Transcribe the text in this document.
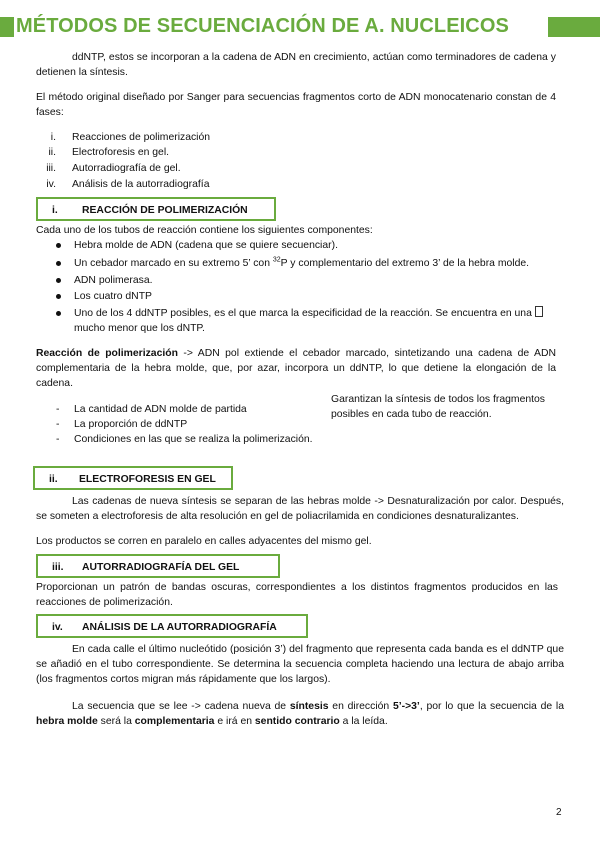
MÉTODOS DE SECUENCIACIÓN DE A. NUCLEICOS

ddNTP, estos se incorporan a la cadena de ADN en crecimiento, actúan como terminadores de cadena y detienen la síntesis.

El método original diseñado por Sanger para secuencias fragmentos corto de ADN monocatenario constan de 4 fases:

i. Reacciones de polimerización
ii. Electroforesis en gel.
iii. Autorradiografía de gel.
iv. Análisis de la autorradiografía
i. REACCIÓN DE POLIMERIZACIÓN

Cada uno de los tubos de reacción contiene los siguientes componentes:

Hebra molde de ADN (cadena que se quiere secuenciar).
Un cebador marcado en su extremo 5’ con $^{32}$P y complementario del extremo 3’ de la hebra molde.
ADN polimerasa.
Los cuatro dNTP
Uno de los 4 ddNTP posibles, es el que marca la especificidad de la reacción. Se encuentra en una
mucho menor que los dNTP.

Reacción de polimerización -> ADN pol extiende el cebador marcado, sintetizando una cadena de ADN complementaria de la hebra molde, que, por azar, incorpora un ddNTP, lo que detiene la elongación de la cadena.

- La cantidad de ADN molde de partida
- La proporción de ddNTP
- Condiciones en las que se realiza la polimerización.

Garantizan la síntesis de todos los fragmentos posibles en cada tubo de reacción.

ii. ELECTROFORESIS EN GEL

Las cadenas de nueva síntesis se separan de las hebras molde -> Desnaturalización por calor. Después, se someten a electroforesis de alta resolución en gel de poliacrilamida en condiciones desnaturalizantes.

Los productos se corren en paralelo en calles adyacentes del mismo gel.

iii. AUTORRADIOGRAFÍA DEL GEL

Proporcionan un patrón de bandas oscuras, correspondientes a los distintos fragmentos producidos en las reacciones de polimerización.

iv. ANÁLISIS DE LA AUTORRADIOGRAFÍA

En cada calle el último nucleótido (posición 3’) del fragmento que representa cada banda es el ddNTP que se añadió en el tubo correspondiente. Se determina la secuencia completa haciendo una lectura de abajo arriba (los fragmentos cortos migran más rápidamente que los largos).

La secuencia que se lee -> cadena nueva de síntesis en dirección 5’->3’, por lo que la secuencia de la hebra molde será la complementaria e irá en sentido contrario a la leída.

2
